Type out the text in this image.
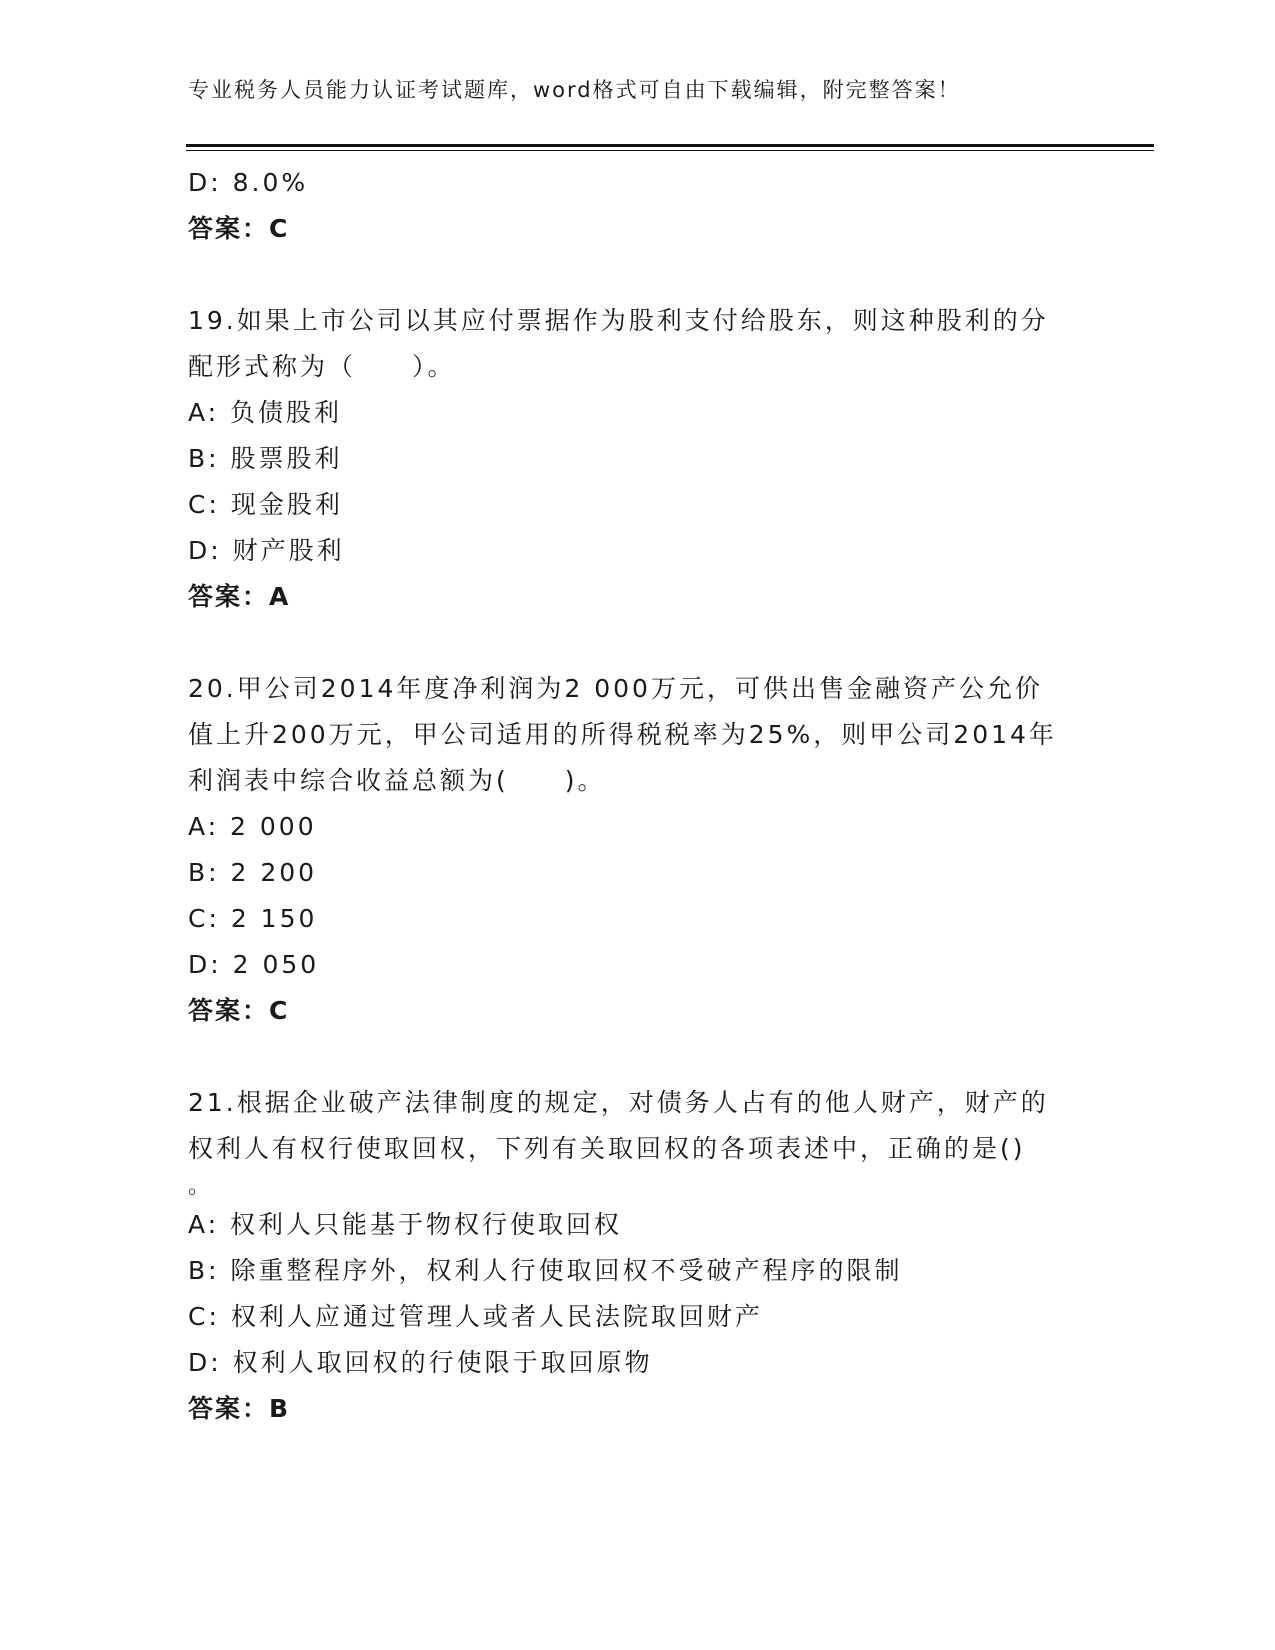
专业税务人员能力认证考试题库，word格式可自由下载编辑，附完整答案！
D: 8.0%
答案：C
19.如果上市公司以其应付票据作为股利支付给股东，则这种股利的分
配形式称为（　　）。
A: 负债股利
B: 股票股利
C: 现金股利
D: 财产股利
答案：A
20.甲公司2014年度净利润为2 000万元，可供出售金融资产公允价
值上升200万元，甲公司适用的所得税税率为25%，则甲公司2014年
利润表中综合收益总额为(　　)。
A: 2 000
B: 2 200
C: 2 150
D: 2 050
答案：C
21.根据企业破产法律制度的规定，对债务人占有的他人财产，财产的
权利人有权行使取回权，下列有关取回权的各项表述中，正确的是()
。
A: 权利人只能基于物权行使取回权
B: 除重整程序外，权利人行使取回权不受破产程序的限制
C: 权利人应通过管理人或者人民法院取回财产
D: 权利人取回权的行使限于取回原物
答案：B
